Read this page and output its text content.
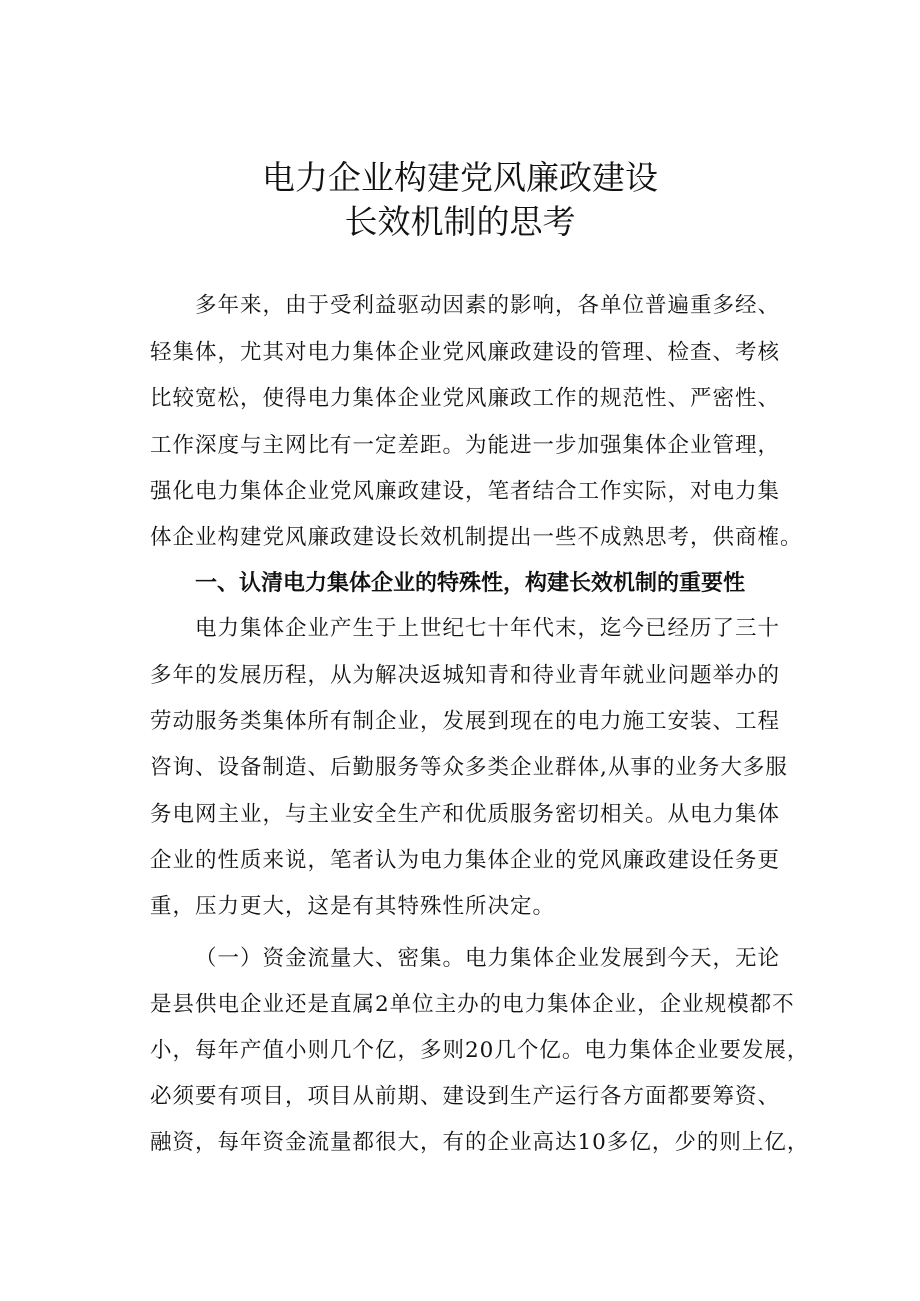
电力企业构建党风廉政建设
长效机制的思考

多年来，由于受利益驱动因素的影响，各单位普遍重多经、

轻集体，尤其对电力集体企业党风廉政建设的管理、检查、考核

比较宽松，使得电力集体企业党风廉政工作的规范性、严密性、

工作深度与主网比有一定差距。为能进一步加强集体企业管理，

强化电力集体企业党风廉政建设，笔者结合工作实际，对电力集

体企业构建党风廉政建设长效机制提出一些不成熟思考，供商榷。

一、认清电力集体企业的特殊性，构建长效机制的重要性

电力集体企业产生于上世纪七十年代末，迄今已经历了三十

多年的发展历程，从为解决返城知青和待业青年就业问题举办的

劳动服务类集体所有制企业，发展到现在的电力施工安装、工程

咨询、设备制造、后勤服务等众多类企业群体,从事的业务大多服

务电网主业，与主业安全生产和优质服务密切相关。从电力集体

企业的性质来说，笔者认为电力集体企业的党风廉政建设任务更

重，压力更大，这是有其特殊性所决定。

（一）资金流量大、密集。电力集体企业发展到今天，无论

是县供电企业还是直属2单位主办的电力集体企业，企业规模都不

小，每年产值小则几个亿，多则20几个亿。电力集体企业要发展，

必须要有项目，项目从前期、建设到生产运行各方面都要筹资、

融资，每年资金流量都很大，有的企业高达10多亿，少的则上亿，
